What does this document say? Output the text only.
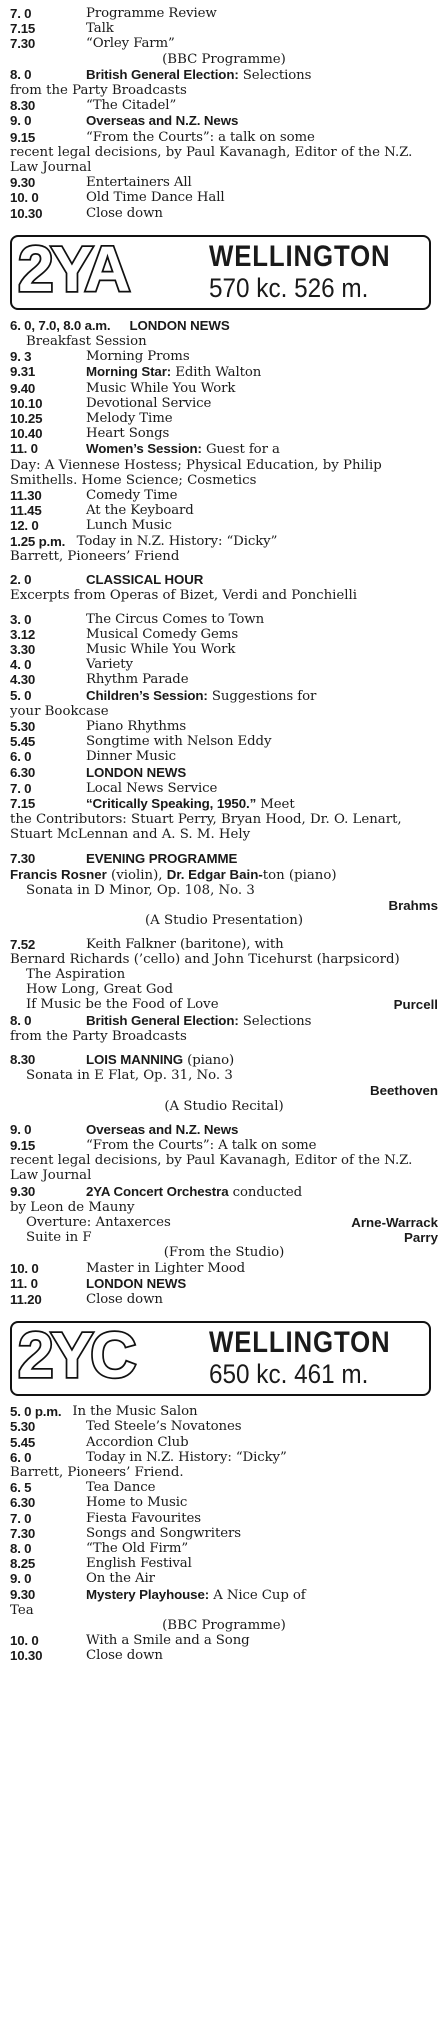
7. 0	Programme Review
7.15	Talk
7.30	“Orley Farm”
(BBC Programme)
8. 0	British General Election: Selections
from the Party Broadcasts
8.30	“The Citadel”
9. 0	Overseas and N.Z. News
9.15	“From the Courts”: a talk on some
recent legal decisions, by Paul Kavanagh, Editor of the N.Z. Law Journal
9.30	Entertainers All
10. 0	Old Time Dance Hall
10.30	Close down
2YA	WELLINGTON
570 kc. 526 m.
6. 0, 7.0, 8.0 a.m.	LONDON NEWS
Breakfast Session
9. 3	Morning Proms
9.31	Morning Star: Edith Walton
9.40	Music While You Work
10.10	Devotional Service
10.25	Melody Time
10.40	Heart Songs
11. 0	Women’s Session: Guest for a
Day: A Viennese Hostess; Physical Education, by Philip Smithells. Home Science; Cosmetics
11.30	Comedy Time
11.45	At the Keyboard
12. 0	Lunch Music
1.25 p.m. Today in N.Z. History: “Dicky”
Barrett, Pioneers’ Friend
2. 0	CLASSICAL HOUR
Excerpts from Operas of Bizet, Verdi and Ponchielli
3. 0	The Circus Comes to Town
3.12	Musical Comedy Gems
3.30	Music While You Work
4. 0	Variety
4.30	Rhythm Parade
5. 0	Children’s Session: Suggestions for
your Bookcase
5.30	Piano Rhythms
5.45	Songtime with Nelson Eddy
6. 0	Dinner Music
6.30	LONDON NEWS
7. 0	Local News Service
7.15	“Critically Speaking, 1950.” Meet
the Contributors: Stuart Perry, Bryan Hood, Dr. O. Lenart, Stuart McLennan and A. S. M. Hely
7.30	EVENING PROGRAMME
Francis Rosner (violin), Dr. Edgar Bain-ton (piano)
Sonata in D Minor, Op. 108, No. 3
Brahms
(A Studio Presentation)
7.52	Keith Falkner (baritone), with
Bernard Richards (’cello) and John Ticehurst (harpsicord)
The Aspiration
How Long, Great God
If Music be the Food of Love	Purcell
8. 0	British General Election: Selections
from the Party Broadcasts
8.30	LOIS MANNING (piano)
Sonata in E Flat, Op. 31, No. 3
Beethoven
(A Studio Recital)
9. 0	Overseas and N.Z. News
9.15	“From the Courts”: A talk on some
recent legal decisions, by Paul Kavanagh, Editor of the N.Z. Law Journal
9.30	2YA Concert Orchestra conducted
by Leon de Mauny
Overture: Antaxerces	Arne-Warrack
Suite in F	Parry
(From the Studio)
10. 0	Master in Lighter Mood
11. 0	LONDON NEWS
11.20	Close down
2YC	WELLINGTON
650 kc. 461 m.
5. 0 p.m. In the Music Salon
5.30	Ted Steele’s Novatones
5.45	Accordion Club
6. 0	Today in N.Z. History: “Dicky”
Barrett, Pioneers’ Friend.
6. 5	Tea Dance
6.30	Home to Music
7. 0	Fiesta Favourites
7.30	Songs and Songwriters
8. 0	“The Old Firm”
8.25	English Festival
9. 0	On the Air
9.30	Mystery Playhouse: A Nice Cup of
Tea
(BBC Programme)
10. 0	With a Smile and a Song
10.30	Close down
